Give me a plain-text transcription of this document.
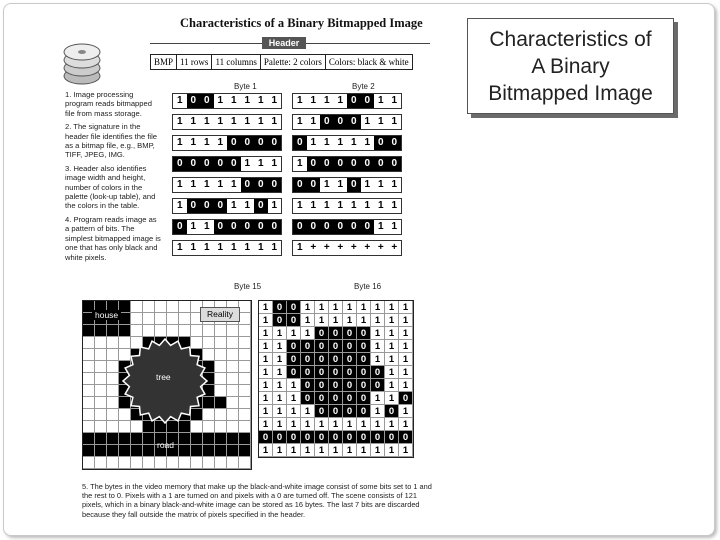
Characteristics of a Binary Bitmapped Image
Header
BMP 11 rows 11 columns Palette: 2 colors Colors: black & white
Byte 1	Byte 2
1. Image processing program reads bitmapped file from mass storage.
2. The signature in the header file identifies the file as a bitmap file, e.g., BMP, TIFF, JPEG, IMG.
3. Header also identifies image width and height, number of colors in the palette (look-up table), and the colors in the table.
4. Program reads image as a pattern of bits. The simplest bitmapped image is one that has only black and white pixels.
1 0 0 1 1 1 1 1	1 1 1 1 0 0 1 1
1 1 1 1 1 1 1 1	1 1 0 0 0 1 1 1
1 1 1 1 0 0 0 0	0 1 1 1 1 1 0 0
0 0 0 0 0 1 1 1	1 0 0 0 0 0 0 0
1 1 1 1 1 0 0 0	0 0 1 1 0 1 1 1
1 0 0 0 1 1 0 1	1 1 1 1 1 1 1 1
0 1 1 0 0 0 0 0	0 0 0 0 0 0 1 1
1 1 1 1 1 1 1 1	1 + + + + + + +
Byte 15	Byte 16
house
tree
road
Reality
1 0 0 1 1 1 1 1 1 1 1
1 0 0 1 1 1 1 1 1 1 1
1 1 1 1 0 0 0 0 1 1 1
1 1 0 0 0 0 0 0 1 1 1
1 1 0 0 0 0 0 0 1 1 1
1 1 0 0 0 0 0 0 0 1 1
1 1 1 0 0 0 0 0 0 1 1
1 1 1 0 0 0 0 0 1 1 0
1 1 1 1 0 0 0 0 1 0 1
1 1 1 1 1 1 1 1 1 1 1
0 0 0 0 0 0 0 0 0 0 0
1 1 1 1 1 1 1 1 1 1 1
5. The bytes in the video memory that make up the black-and-white image consist of some bits set to 1 and the rest to 0. Pixels with a 1 are turned on and pixels with a 0 are turned off. The scene consists of 121 pixels, which in a binary black-and-white image can be stored as 16 bytes. The last 7 bits are discarded because they fall outside the matrix of pixels specified in the header.
Characteristics of
A Binary
Bitmapped Image
